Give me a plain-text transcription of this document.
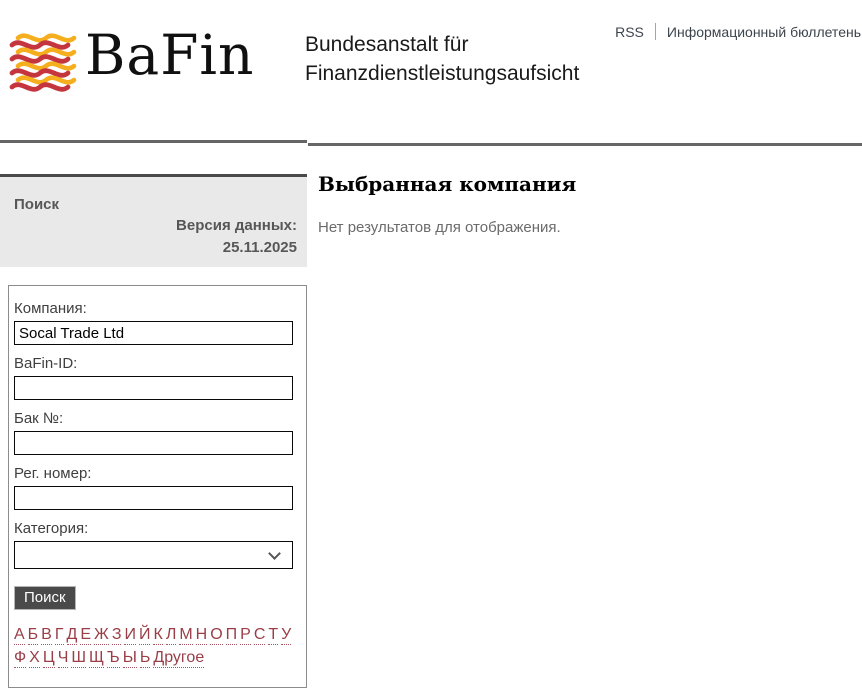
BaFin Bundesanstalt für
Finanzdienstleistungsaufsicht
RSS Информационный бюллетень
Поиск
Версия данных:
25.11.2025
Компания:
Socal Trade Ltd
BaFin-ID:
Бак №:
Рег. номер:
Категория:
Поиск
А Б В Г Д Е Ж З И Й К Л М Н О П Р С Т У
Ф Х Ц Ч Ш Щ Ъ Ы Ь Другое
Выбранная компания

Нет результатов для отображения.
